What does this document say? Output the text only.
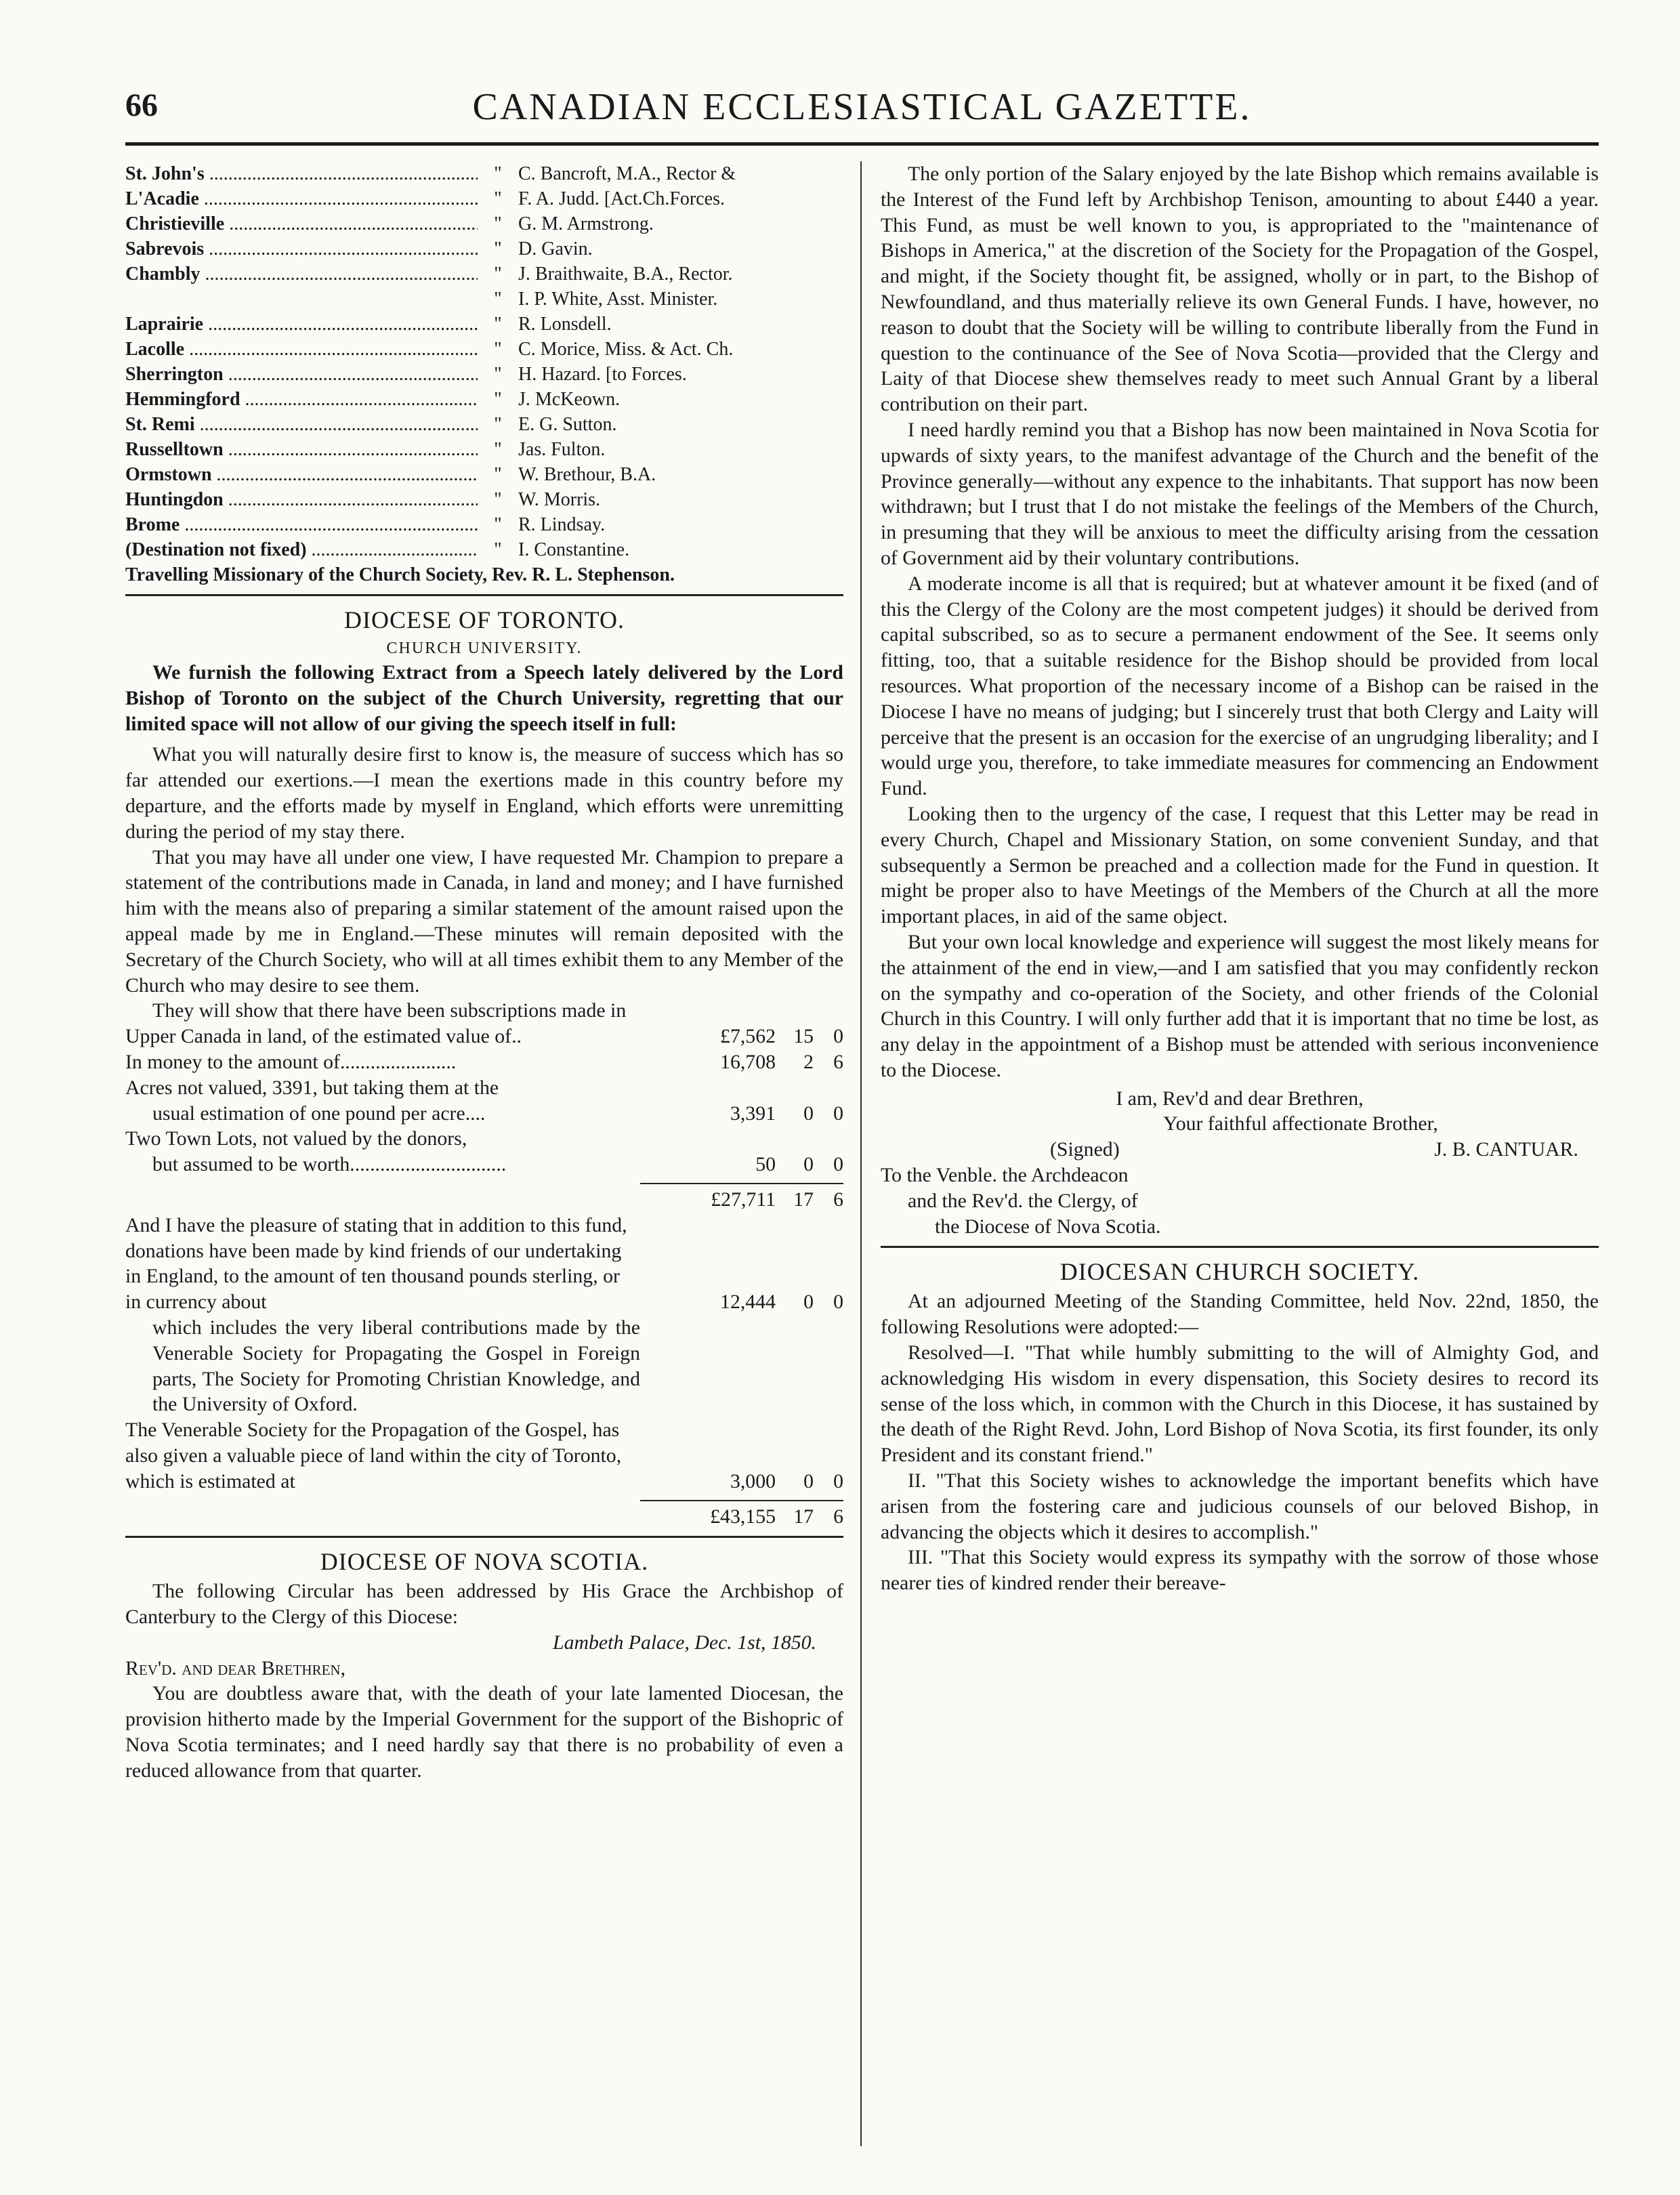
66	CANADIAN ECCLESIASTICAL GAZETTE.
St. John's .....	" C. Bancroft, M.A., Rector &
L'Acadie .....	" F. A. Judd. [Act.Ch.Forces.
Christieville .....	" G. M. Armstrong.
Sabrevois .....	" D. Gavin.
Chambly .....	" J. Braithwaite, B.A., Rector.
" I. P. White, Asst. Minister.
Laprairie .....	" R. Lonsdell.
Lacolle .....	" C. Morice, Miss. & Act. Ch.
Sherrington .....	" H. Hazard. [to Forces.
Hemmingford .....	" J. McKeown.
St. Remi .....	" E. G. Sutton.
Russelltown .....	" Jas. Fulton.
Ormstown .....	" W. Brethour, B.A.
Huntingdon .....	" W. Morris.
Brome .....	" R. Lindsay.
(Destination not fixed) .....	" I. Constantine.
Travelling Missionary of the Church Society, Rev. R. L. Stephenson.
DIOCESE OF TORONTO.
CHURCH UNIVERSITY.

We furnish the following Extract from a Speech lately delivered by the Lord Bishop of Toronto on the subject of the Church University, regretting that our limited space will not allow of our giving the speech itself in full:

What you will naturally desire first to know is, the measure of success which has so far attended our exertions.—I mean the exertions made in this country before my departure, and the efforts made by myself in England, which efforts were unremitting during the period of my stay there.

That you may have all under one view, I have requested Mr. Champion to prepare a statement of the contributions made in Canada, in land and money; and I have furnished him with the means also of preparing a similar statement of the amount raised upon the appeal made by me in England.—These minutes will remain deposited with the Secretary of the Church Society, who will at all times exhibit them to any Member of the Church who may desire to see them.

They will show that there have been subscriptions made in

Upper Canada in land, of the estimated value of..	£7,562 15 0
In money to the amount of.......................	16,708	2 6
Acres not valued, 3391, but taking them at the
usual estimation of one pound per acre....	3,391	0 0
Two Town Lots, not valued by the donors,
but assumed to be worth...............................	50	0 0
£27,711 17 6
And I have the pleasure of stating that in addition to this fund, donations have been made by kind friends of our undertaking in England, to the amount of ten thousand pounds sterling, or in currency about	12,444	0 0

which includes the very liberal contributions made by the Venerable Society for Propagating the Gospel in Foreign parts, The Society for Promoting Christian Knowledge, and the University of Oxford.

The Venerable Society for the Propagation of the Gospel, has also given a valuable piece of land within the city of Toronto, which is estimated at	3,000	0 0
£43,155 17 6
DIOCESE OF NOVA SCOTIA.

The following Circular has been addressed by His Grace the Archbishop of Canterbury to the Clergy of this Diocese:

Lambeth Palace, Dec. 1st, 1850.

Rev'd. and dear Brethren,

You are doubtless aware that, with the death of your late lamented Diocesan, the provision hitherto made by the Imperial Government for the support of the Bishopric of Nova Scotia terminates; and I need hardly say that there is no probability of even a reduced allowance from that quarter.

The only portion of the Salary enjoyed by the late Bishop which remains available is the Interest of the Fund left by Archbishop Tenison, amounting to about £440 a year. This Fund, as must be well known to you, is appropriated to the "maintenance of Bishops in America," at the discretion of the Society for the Propagation of the Gospel, and might, if the Society thought fit, be assigned, wholly or in part, to the Bishop of Newfoundland, and thus materially relieve its own General Funds. I have, however, no reason to doubt that the Society will be willing to contribute liberally from the Fund in question to the continuance of the See of Nova Scotia—provided that the Clergy and Laity of that Diocese shew themselves ready to meet such Annual Grant by a liberal contribution on their part.

I need hardly remind you that a Bishop has now been maintained in Nova Scotia for upwards of sixty years, to the manifest advantage of the Church and the benefit of the Province generally—without any expence to the inhabitants. That support has now been withdrawn; but I trust that I do not mistake the feelings of the Members of the Church, in presuming that they will be anxious to meet the difficulty arising from the cessation of Government aid by their voluntary contributions.

A moderate income is all that is required; but at whatever amount it be fixed (and of this the Clergy of the Colony are the most competent judges) it should be derived from capital subscribed, so as to secure a permanent endowment of the See. It seems only fitting, too, that a suitable residence for the Bishop should be provided from local resources. What proportion of the necessary income of a Bishop can be raised in the Diocese I have no means of judging; but I sincerely trust that both Clergy and Laity will perceive that the present is an occasion for the exercise of an ungrudging liberality; and I would urge you, therefore, to take immediate measures for commencing an Endowment Fund.

Looking then to the urgency of the case, I request that this Letter may be read in every Church, Chapel and Missionary Station, on some convenient Sunday, and that subsequently a Sermon be preached and a collection made for the Fund in question. It might be proper also to have Meetings of the Members of the Church at all the more important places, in aid of the same object.

But your own local knowledge and experience will suggest the most likely means for the attainment of the end in view,—and I am satisfied that you may confidently reckon on the sympathy and co-operation of the Society, and other friends of the Colonial Church in this Country. I will only further add that it is important that no time be lost, as any delay in the appointment of a Bishop must be attended with serious inconvenience to the Diocese.

I am, Rev'd and dear Brethren,

Your faithful affectionate Brother,

(Signed)	J. B. CANTUAR.

To the Venble. the Archdeacon

and the Rev'd. the Clergy, of

the Diocese of Nova Scotia.

DIOCESAN CHURCH SOCIETY.

At an adjourned Meeting of the Standing Committee, held Nov. 22nd, 1850, the following Resolutions were adopted:—

Resolved—I. "That while humbly submitting to the will of Almighty God, and acknowledging His wisdom in every dispensation, this Society desires to record its sense of the loss which, in common with the Church in this Diocese, it has sustained by the death of the Right Revd. John, Lord Bishop of Nova Scotia, its first founder, its only President and its constant friend."

II. "That this Society wishes to acknowledge the important benefits which have arisen from the fostering care and judicious counsels of our beloved Bishop, in advancing the objects which it desires to accomplish."

III. "That this Society would express its sympathy with the sorrow of those whose nearer ties of kindred render their bereave-
